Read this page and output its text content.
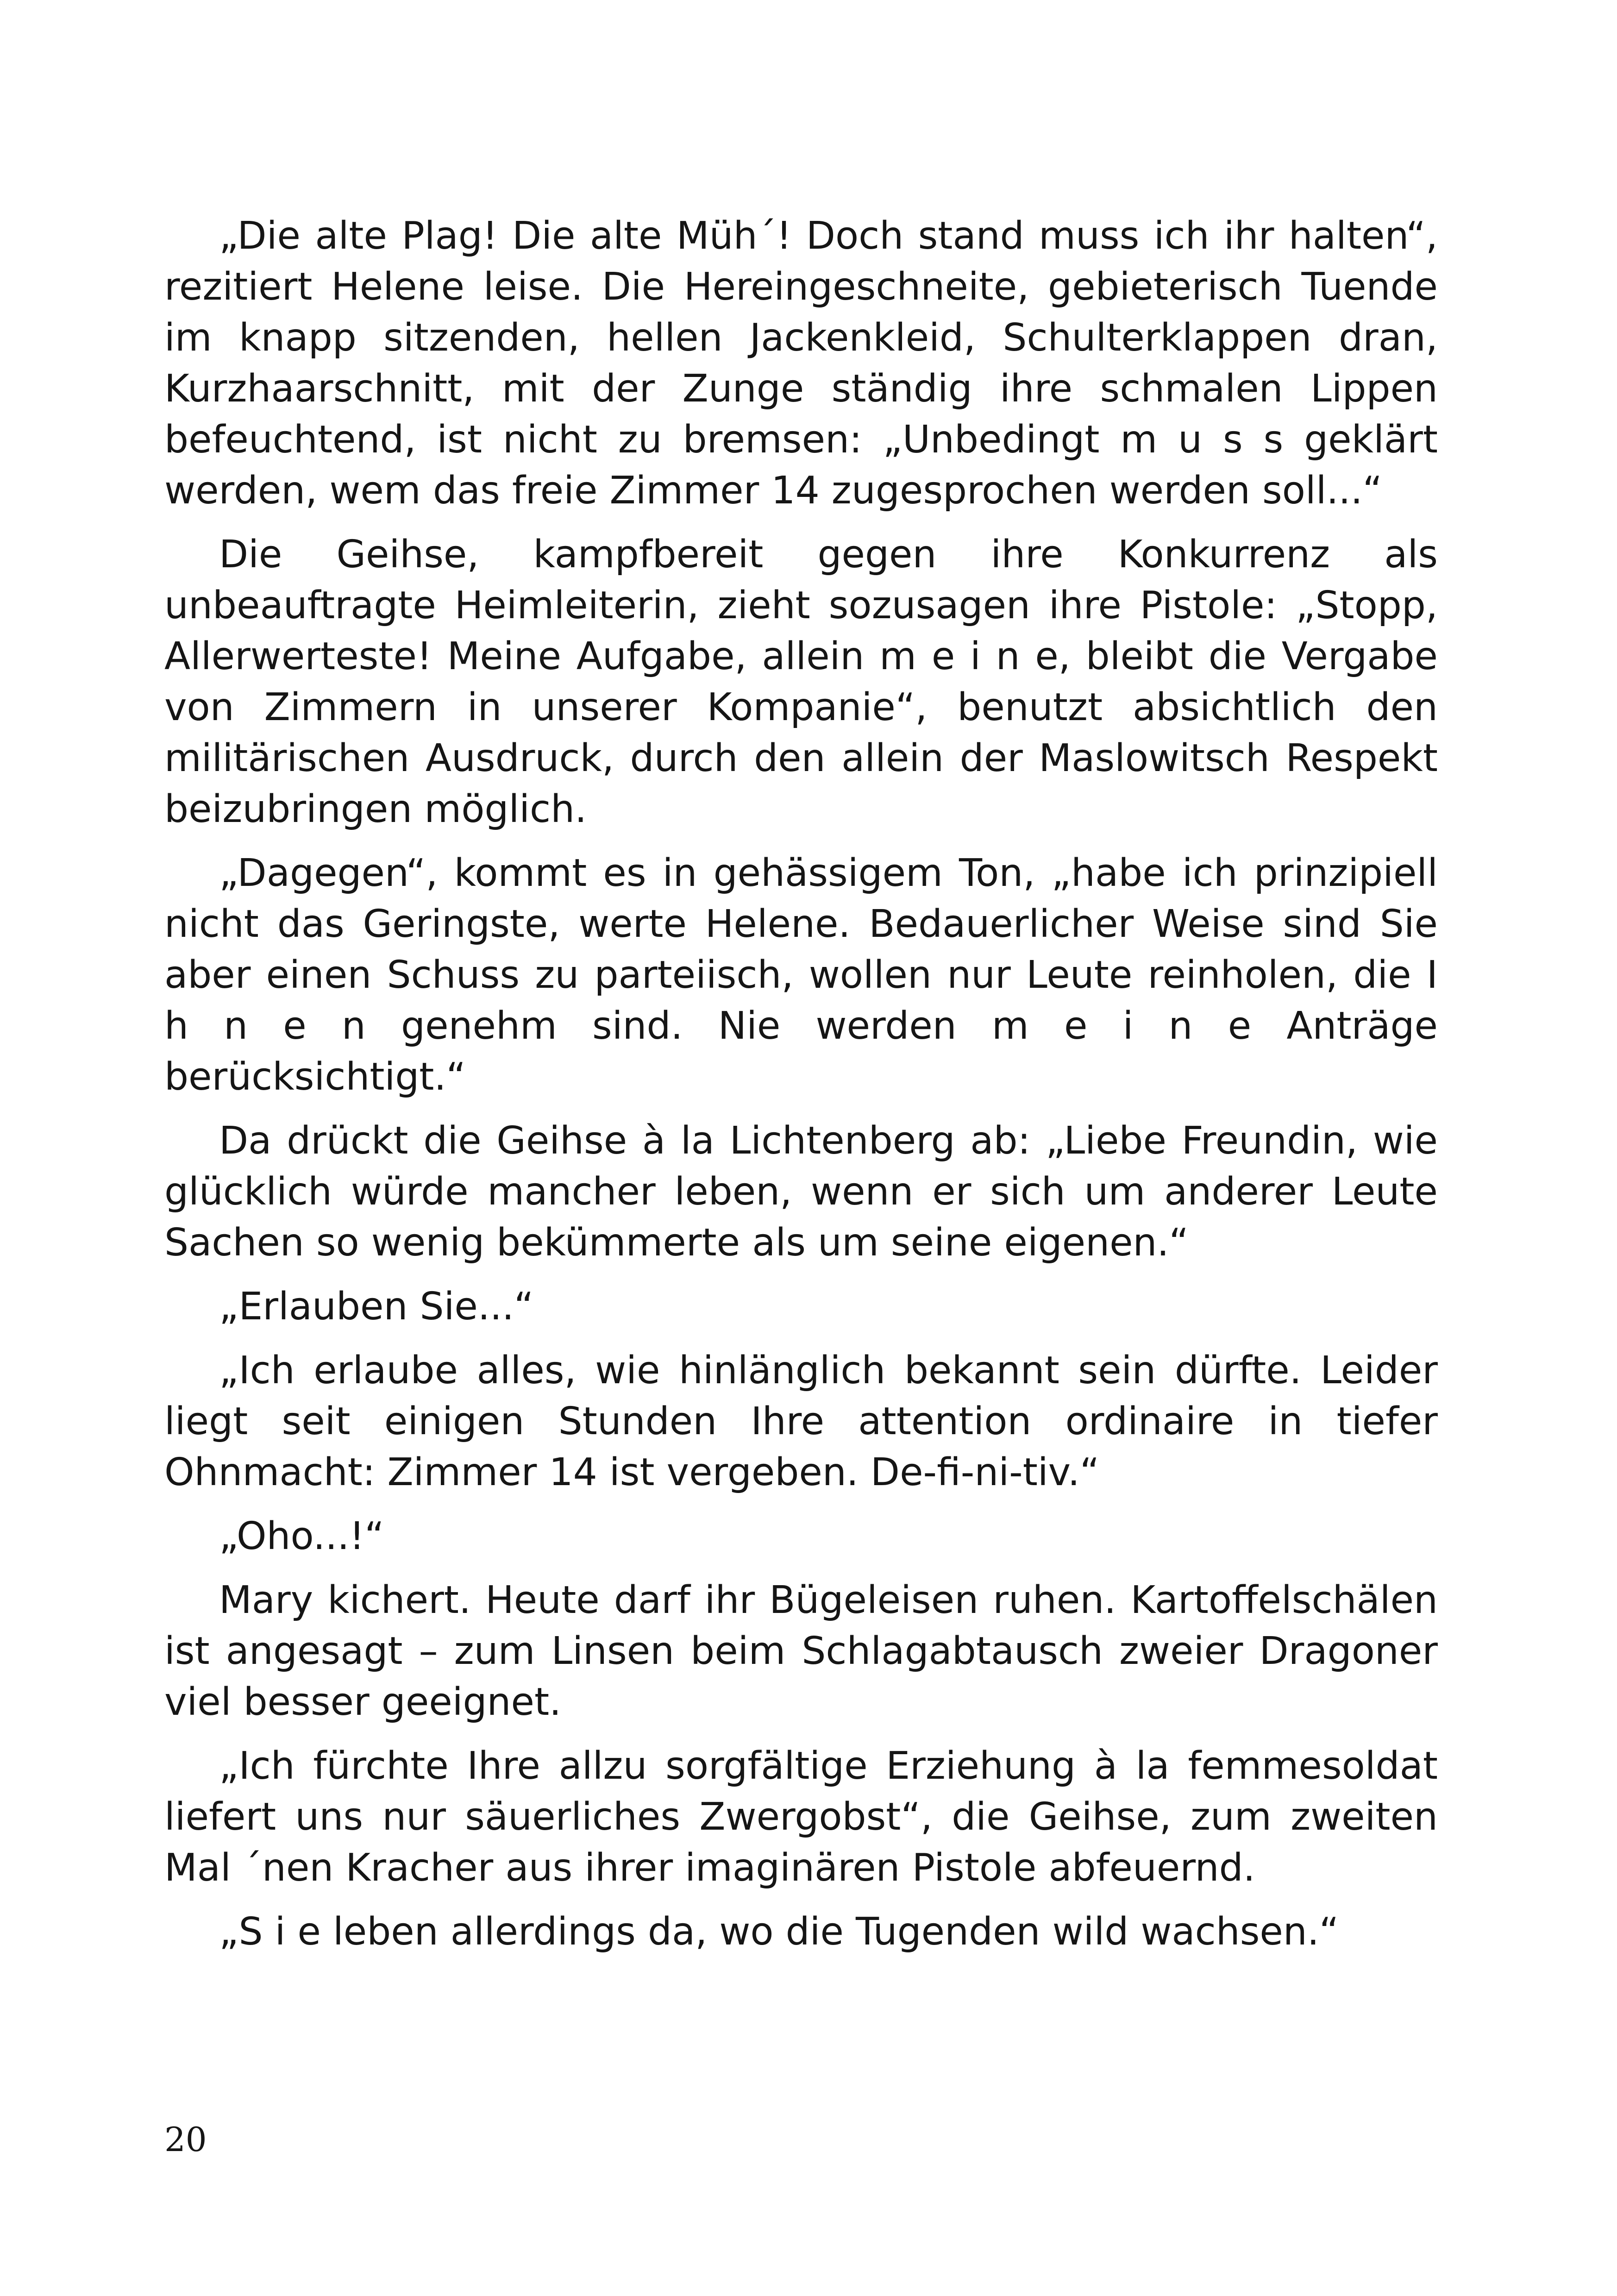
„Die alte Plag! Die alte Müh´! Doch stand muss ich ihr halten“, rezitiert Helene leise. Die Hereingeschneite, gebieterisch Tuende im knapp sitzenden, hellen Jackenkleid, Schulterklappen dran, Kurzhaarschnitt, mit der Zunge ständig ihre schmalen Lippen befeuchtend, ist nicht zu bremsen: „Unbedingt m u s s geklärt werden, wem das freie Zimmer 14 zugesprochen werden soll...“

Die Geihse, kampfbereit gegen ihre Konkurrenz als unbeauftragte Heimleiterin, zieht sozusagen ihre Pistole: „Stopp, Allerwerteste! Meine Aufgabe, allein m e i n e, bleibt die Vergabe von Zimmern in unserer Kompanie“, benutzt absichtlich den militärischen Ausdruck, durch den allein der Maslowitsch Respekt beizubringen möglich.

„Dagegen“, kommt es in gehässigem Ton, „habe ich prinzipiell nicht das Geringste, werte Helene. Bedauerlicher Weise sind Sie aber einen Schuss zu parteiisch, wollen nur Leute reinholen, die I h n e n genehm sind. Nie werden m e i n e Anträge berücksichtigt.“

Da drückt die Geihse à la Lichtenberg ab: „Liebe Freundin, wie glücklich würde mancher leben, wenn er sich um anderer Leute Sachen so wenig bekümmerte als um seine eigenen.“

„Erlauben Sie...“

„Ich erlaube alles, wie hinlänglich bekannt sein dürfte. Leider liegt seit einigen Stunden Ihre attention ordinaire in tiefer Ohnmacht: Zimmer 14 ist vergeben. De-fi-ni-tiv.“

„Oho...!“

Mary kichert. Heute darf ihr Bügeleisen ruhen. Kartoffelschälen ist angesagt – zum Linsen beim Schlagabtausch zweier Dragoner viel besser geeignet.

„Ich fürchte Ihre allzu sorgfältige Erziehung à la femmesoldat liefert uns nur säuerliches Zwergobst“, die Geihse, zum zweiten Mal ´nen Kracher aus ihrer imaginären Pistole abfeuernd.

„S i e leben allerdings da, wo die Tugenden wild wachsen.“

20
